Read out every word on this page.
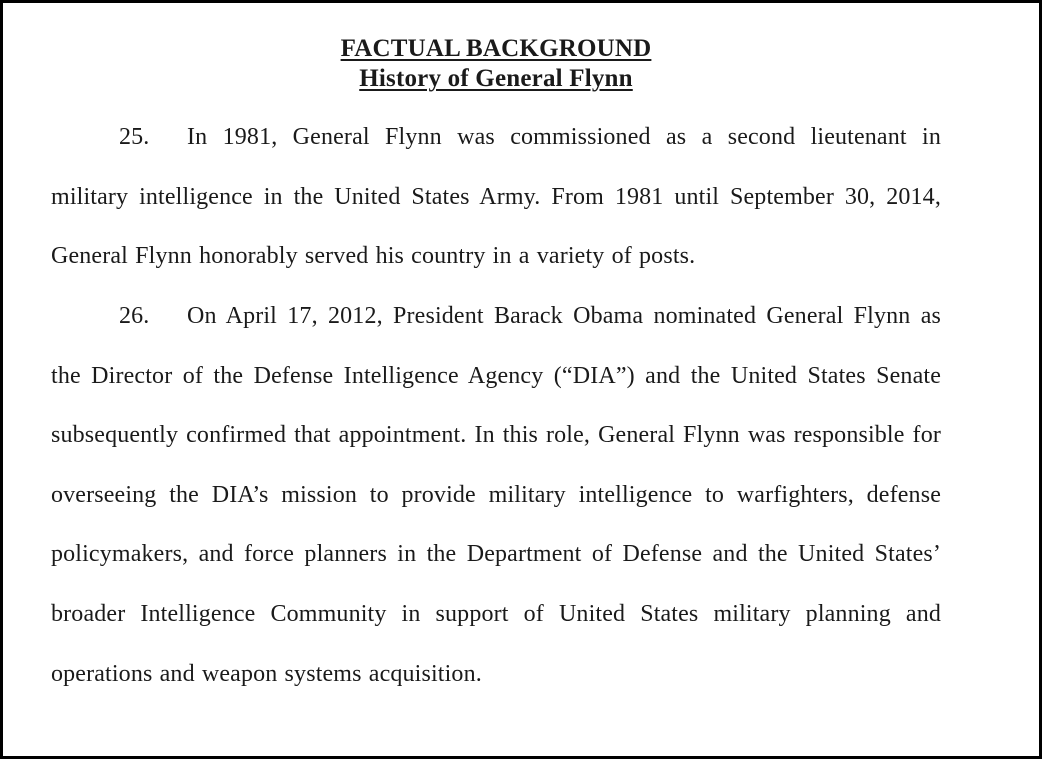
FACTUAL BACKGROUND
History of General Flynn

25. In 1981, General Flynn was commissioned as a second lieutenant in military intelligence in the United States Army. From 1981 until September 30, 2014, General Flynn honorably served his country in a variety of posts.

26. On April 17, 2012, President Barack Obama nominated General Flynn as the Director of the Defense Intelligence Agency (“DIA”) and the United States Senate subsequently confirmed that appointment. In this role, General Flynn was responsible for overseeing the DIA’s mission to provide military intelligence to warfighters, defense policymakers, and force planners in the Department of Defense and the United States’ broader Intelligence Community in support of United States military planning and operations and weapon systems acquisition.
